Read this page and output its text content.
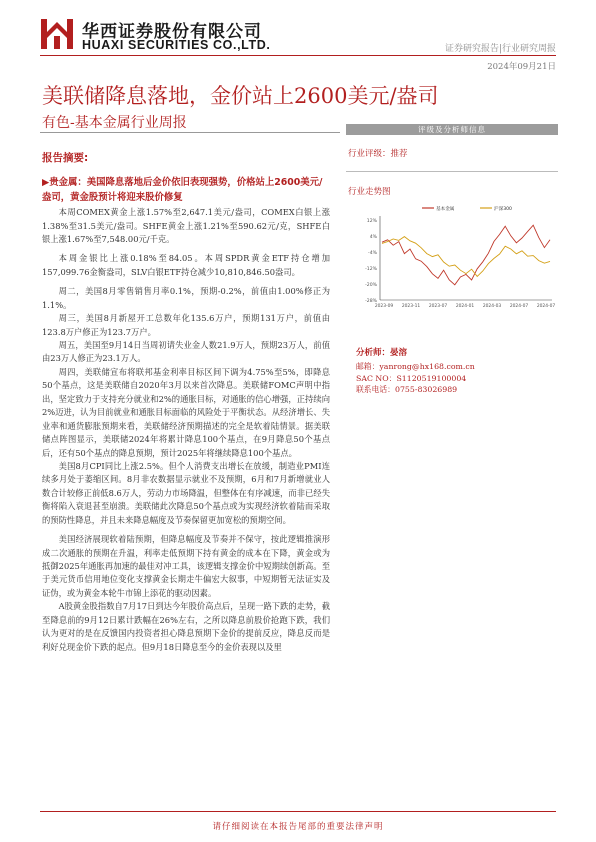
华西证券股份有限公司
HUAXI SECURITIES CO.,LTD.	证券研究报告|行业研究周报
2024年09月21日
美联储降息落地，金价站上2600美元/盎司
有色-基本金属行业周报
报告摘要:
▶贵金属：美国降息落地后金价依旧表现强势，价格站上2600美元/盎司，黄金股预计将迎来股价修复

本周COMEX黄金上涨1.57%至2,647.1美元/盎司，COMEX白银上涨1.38%至31.5美元/盎司。SHFE黄金上涨1.21%至590.62元/克，SHFE白银上涨1.67%至7,548.00元/千克。

本周金银比上涨0.18%至84.05。本周SPDR黄金ETF持仓增加157,099.76金衡盎司，SLV白银ETF持仓减少10,810,846.50盎司。

周二，美国8月零售销售月率0.1%，预期-0.2%，前值由1.00%修正为1.1%。

周三，美国8月新屋开工总数年化135.6万户，预期131万户，前值由123.8万户修正为123.7万户。

周五，美国至9月14日当周初请失业金人数21.9万人，预期23万人，前值由23万人修正为23.1万人。

周四，美联储宣布将联邦基金利率目标区间下调为4.75%至5%，即降息50个基点，这是美联储自2020年3月以来首次降息。美联储FOMC声明中指出，坚定致力于支持充分就业和2%的通胀目标，对通胀的信心增强，正持续向2%迈进，认为目前就业和通胀目标面临的风险处于平衡状态。从经济增长、失业率和通货膨胀预期来看，美联储经济预期描述的完全是软着陆情景。据美联储点阵图显示，美联储2024年将累计降息100个基点，在9月降息50个基点后，还有50个基点的降息预期，预计2025年将继续降息100个基点。

美国8月CPI同比上涨2.5%。但个人消费支出增长在放缓，制造业PMI连续多月处于萎缩区间。8月非农数据显示就业不及预期，6月和7月新增就业人数合计较修正前低8.6万人，劳动力市场降温，但整体在有序减速，而非已经失衡将陷入衰退甚至崩溃。美联储此次降息50个基点或为实现经济软着陆而采取的预防性降息，并且未来降息幅度及节奏保留更加宽松的预期空间。

美国经济展现软着陆预期，但降息幅度及节奏并不保守，按此逻辑推演形成二次通胀的预期在升温，利率走低预期下持有黄金的成本在下降，黄金或为抵御2025年通胀再加速的最佳对冲工具，该逻辑支撑金价中短期续创新高。至于美元货币信用地位变化支撑黄金长期走牛偏宏大叙事，中短期暂无法证实及证伪，或为黄金本轮牛市锦上添花的驱动因素。

A股黄金股指数自7月17日到达今年股价高点后，呈现一路下跌的走势，截至降息前的9月12日累计跌幅在26%左右，之所以降息前股价抢跑下跌，我们认为更对的是在反馈国内投资者担心降息预期下金价的提前反应，降息反而是利好兑现金价下跌的起点。但9月18日降息至今的金价表现以及里

评级及分析师信息
行业评级：推荐
行业走势图
12%
4%
-4%
-12%
-20%
-28%
2023-09 2023-11 2023-07 2024-01 2024-03 2024-07 2024-07
基本金属	沪深300
分析师：晏溶
邮箱：yanrong@hx168.com.cn
SAC NO：S1120519100004
联系电话：0755-83026989
请仔细阅读在本报告尾部的重要法律声明
